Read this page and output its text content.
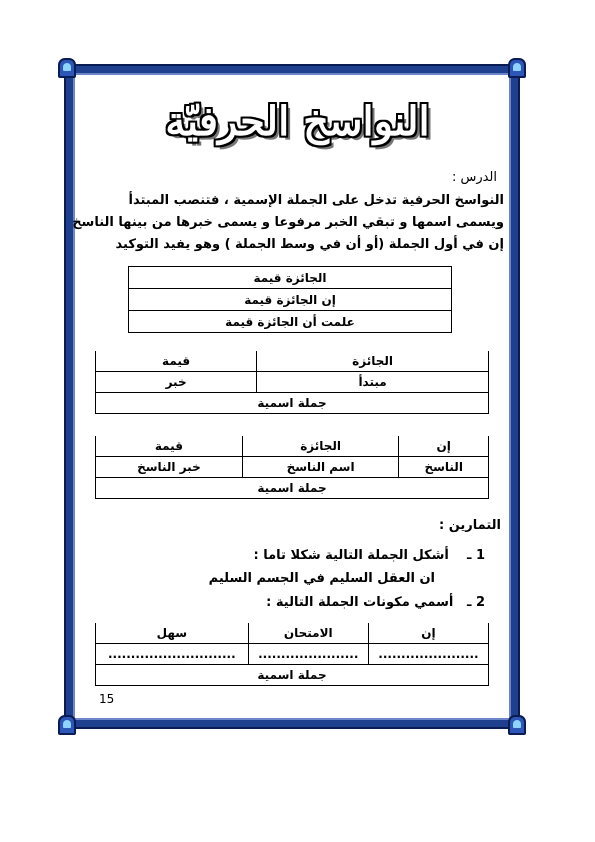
النواسخ الحرفيّة
الدرس :
النواسخ الحرفية تدخل على الجملة الإسمية ، فتنصب المبتدأ
ويسمى اسمها و تبقي الخبر مرفوعا و يسمى خبرها من بينها الناسخ
إن في أول الجملة (أو أن في وسط الجملة ) وهو يفيد التوكيد
الجائزة قيمة
إن الجائزة قيمة
علمت أن الجائزة قيمة
الجائزة	قيمة
مبتدأ	خبر
جملة اسمية	
إن	الجائزة	قيمة
الناسخ	اسم الناسخ	خبر الناسخ
جملة اسمية		
التمارين :
1 ـ    أشكل الجملة التالية شكلا تاما :
ان العقل السليم في الجسم السليم
2 ـ   أسمي مكونات الجملة التالية :
إن	الامتحان	سهل
......................	......................	............................
جملة اسمية		
15
